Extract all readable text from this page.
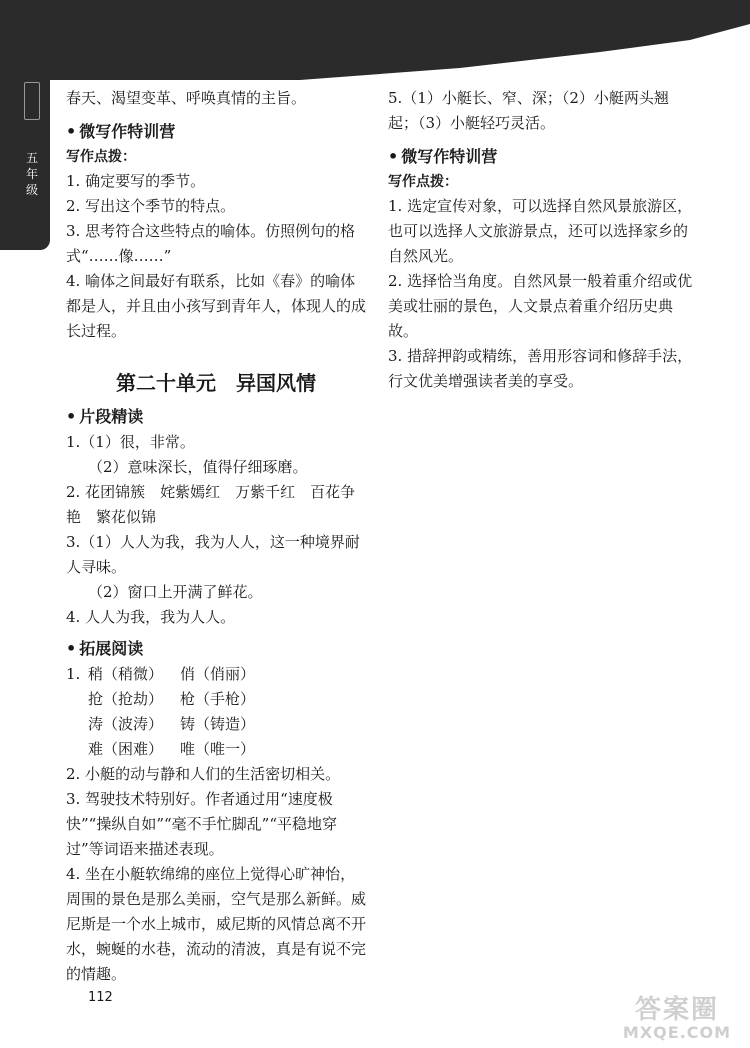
五年级

春天、渴望变革、呼唤真情的主旨。

• 微写作特训营

写作点拨：

1. 确定要写的季节。

2. 写出这个季节的特点。

3. 思考符合这些特点的喻体。仿照例句的格式“……像……”

4. 喻体之间最好有联系，比如《春》的喻体都是人，并且由小孩写到青年人，体现人的成长过程。

第二十单元　异国风情

• 片段精读

1.（1）很，非常。

（2）意味深长，值得仔细琢磨。

2. 花团锦簇　姹紫嫣红　万紫千红　百花争艳　繁花似锦

3.（1）人人为我，我为人人，这一种境界耐人寻味。

（2）窗口上开满了鲜花。

4. 人人为我，我为人人。

• 拓展阅读

1. 稍（稍微）	俏（俏丽）

抢（抢劫）	枪（手枪）

涛（波涛）	铸（铸造）

难（困难）	唯（唯一）

2. 小艇的动与静和人们的生活密切相关。

3. 驾驶技术特别好。作者通过用“速度极快”“操纵自如”“毫不手忙脚乱”“平稳地穿过”等词语来描述表现。

4. 坐在小艇软绵绵的座位上觉得心旷神怡，周围的景色是那么美丽，空气是那么新鲜。威尼斯是一个水上城市，威尼斯的风情总离不开水，蜿蜒的水巷，流动的清波，真是有说不完的情趣。

5.（1）小艇长、窄、深；（2）小艇两头翘起；（3）小艇轻巧灵活。

• 微写作特训营

写作点拨：

1. 选定宣传对象，可以选择自然风景旅游区，也可以选择人文旅游景点，还可以选择家乡的自然风光。

2. 选择恰当角度。自然风景一般着重介绍或优美或壮丽的景色，人文景点着重介绍历史典故。

3. 措辞押韵或精练，善用形容词和修辞手法，行文优美增强读者美的享受。

112	答案圈
MXQE.COM
